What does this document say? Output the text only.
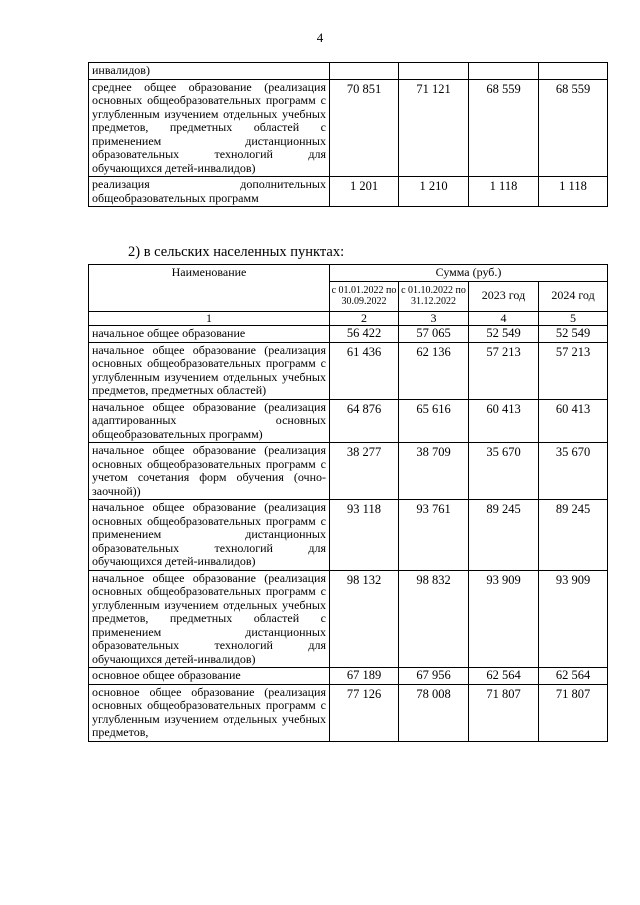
4
инвалидов)				
среднее общее образование (реализация основных общеобразовательных программ с углубленным изучением отдельных учебных предметов, предметных областей с применением дистанционных образовательных технологий для обучающихся детей-инвалидов)	70 851	71 121	68 559	68 559
реализация дополнительных общеобразовательных программ	1 201	1 210	1 118	1 118
2) в сельских населенных пунктах:
Наименование	Сумма (руб.)			
	с 01.01.2022 по 30.09.2022	с 01.10.2022 по 31.12.2022	2023 год	2024 год
1	2	3	4	5
начальное общее образование	56 422	57 065	52 549	52 549
начальное общее образование (реализация основных общеобразовательных программ с углубленным изучением отдельных учебных предметов, предметных областей)	61 436	62 136	57 213	57 213
начальное общее образование (реализация адаптированных основных общеобразовательных программ)	64 876	65 616	60 413	60 413
начальное общее образование (реализация основных общеобразовательных программ с учетом сочетания форм обучения (очно-заочной))	38 277	38 709	35 670	35 670
начальное общее образование (реализация основных общеобразовательных программ с применением дистанционных образовательных технологий для обучающихся детей-инвалидов)	93 118	93 761	89 245	89 245
начальное общее образование (реализация основных общеобразовательных программ с углубленным изучением отдельных учебных предметов, предметных областей с применением дистанционных образовательных технологий для обучающихся детей-инвалидов)	98 132	98 832	93 909	93 909
основное общее образование	67 189	67 956	62 564	62 564
основное общее образование (реализация основных общеобразовательных программ с углубленным изучением отдельных учебных предметов,	77 126	78 008	71 807	71 807
